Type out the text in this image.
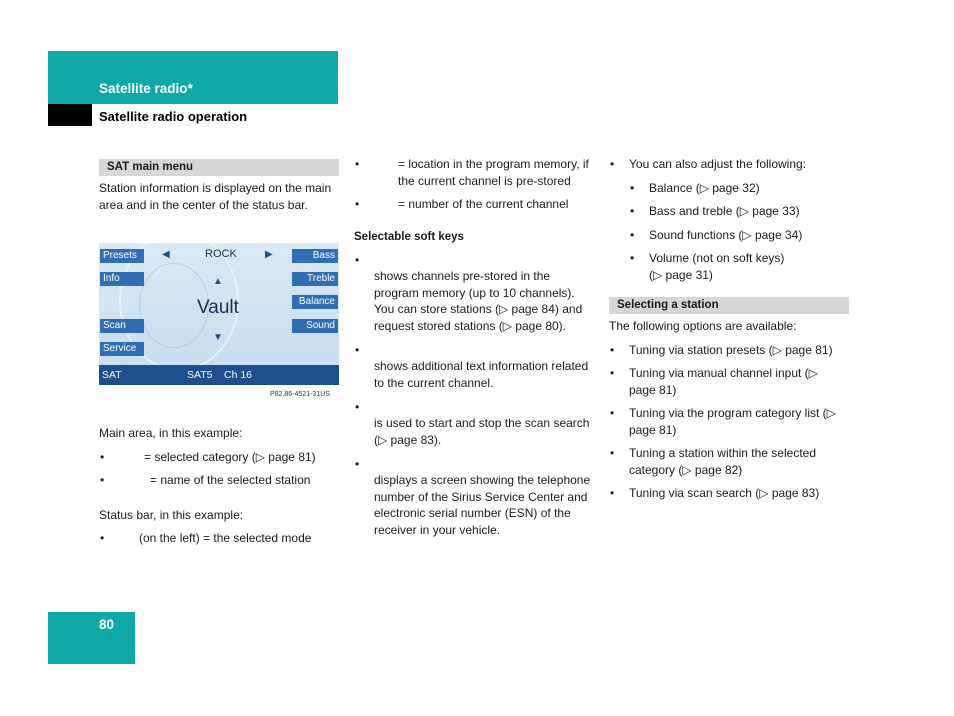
Satellite radio*
Satellite radio operation
SAT main menu

Station information is displayed on the main area and in the center of the status bar.

◀	ROCK	▶
▲
Vault
▼
Presets
Info
Scan
Service
Bass
Treble
Balance
Sound
SAT	SAT5 Ch 16
P82.86-4521-31US

Main area, in this example:

• = selected category (▷ page 81)
• = name of the selected station

Status bar, in this example:

• (on the left) = the selected mode
• = location in the program memory, if the current channel is pre-stored
• = number of the current channel

Selectable soft keys

• shows channels pre-stored in the program memory (up to 10 channels). You can store stations (▷ page 84) and request stored stations (▷ page 80).
• shows additional text information related to the current channel.
• is used to start and stop the scan search (▷ page 83).
• displays a screen showing the telephone number of the Sirius Service Center and electronic serial number (ESN) of the receiver in your vehicle.
• You can also adjust the following:
• Balance (▷ page 32)
• Bass and treble (▷ page 33)
• Sound functions (▷ page 34)
• Volume (not on soft keys) (▷ page 31)
Selecting a station

The following options are available:

• Tuning via station presets (▷ page 81)
• Tuning via manual channel input (▷ page 81)
• Tuning via the program category list (▷ page 81)
• Tuning a station within the selected category (▷ page 82)
• Tuning via scan search (▷ page 83)
80
